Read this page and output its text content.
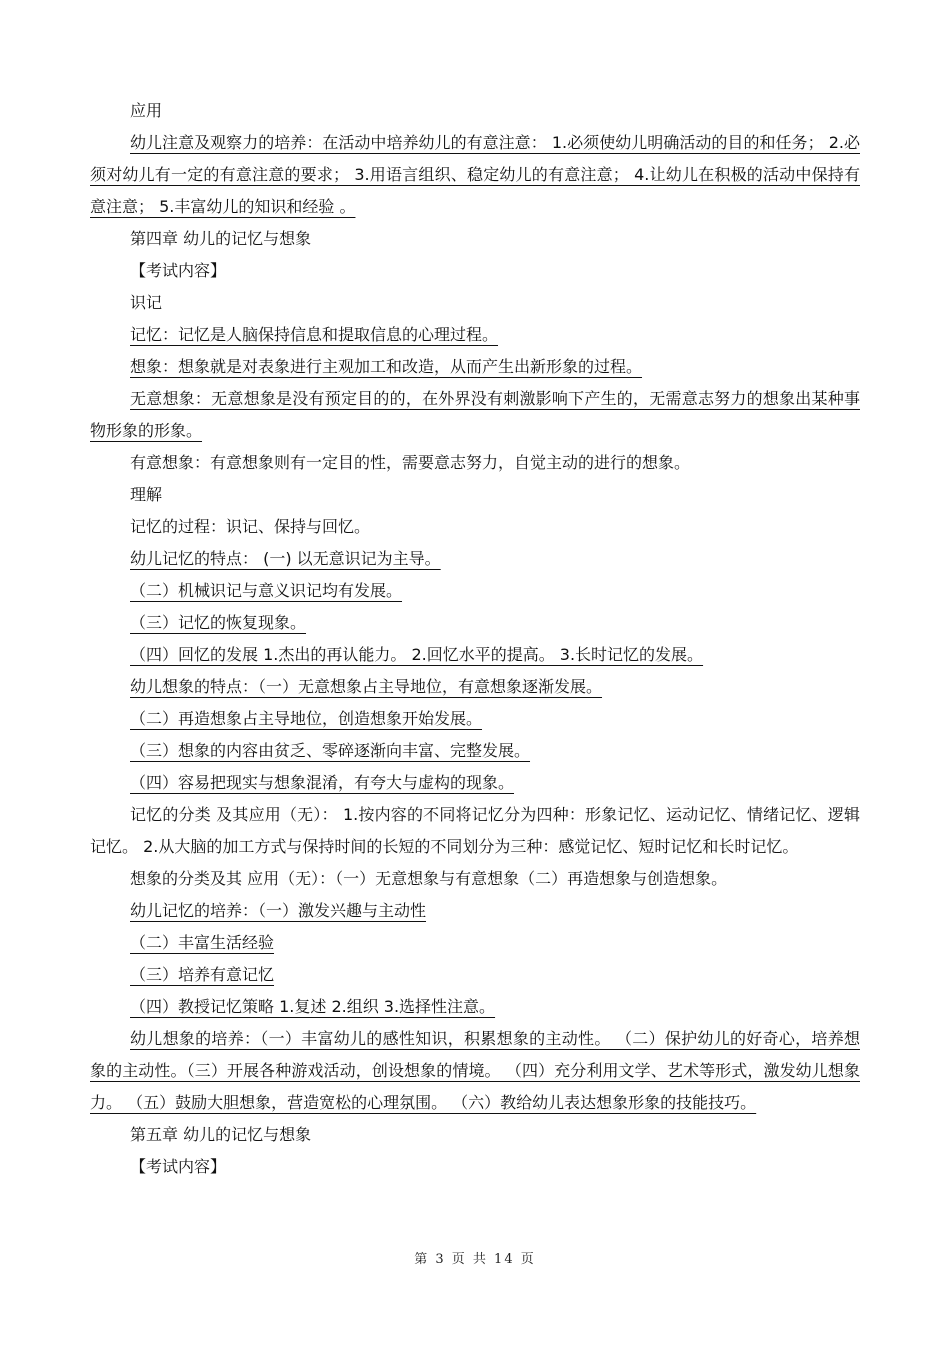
应用

幼儿注意及观察力的培养：在活动中培养幼儿的有意注意： 1.必须使幼儿明确活动的目的和任务； 2.必须对幼儿有一定的有意注意的要求； 3.用语言组织、稳定幼儿的有意注意； 4.让幼儿在积极的活动中保持有意注意； 5.丰富幼儿的知识和经验 。

第四章 幼儿的记忆与想象

【考试内容】

识记

记忆：记忆是人脑保持信息和提取信息的心理过程。

想象：想象就是对表象进行主观加工和改造，从而产生出新形象的过程。

无意想象：无意想象是没有预定目的的，在外界没有刺激影响下产生的，无需意志努力的想象出某种事物形象的形象。

有意想象：有意想象则有一定目的性，需要意志努力，自觉主动的进行的想象。

理解

记忆的过程：识记、保持与回忆。

幼儿记忆的特点： (一) 以无意识记为主导。

（二）机械识记与意义识记均有发展。

（三）记忆的恢复现象。

（四）回忆的发展 1.杰出的再认能力。 2.回忆水平的提高。 3.长时记忆的发展。

幼儿想象的特点：（一）无意想象占主导地位，有意想象逐渐发展。

（二）再造想象占主导地位，创造想象开始发展。

（三）想象的内容由贫乏、零碎逐渐向丰富、完整发展。

（四）容易把现实与想象混淆，有夸大与虚构的现象。

记忆的分类 及其应用（无）： 1.按内容的不同将记忆分为四种：形象记忆、运动记忆、情绪记忆、逻辑记忆。 2.从大脑的加工方式与保持时间的长短的不同划分为三种：感觉记忆、短时记忆和长时记忆。

想象的分类及其 应用（无）：（一）无意想象与有意想象（二）再造想象与创造想象。

幼儿记忆的培养：（一）激发兴趣与主动性

（二）丰富生活经验

（三）培养有意记忆

（四）教授记忆策略 1.复述 2.组织 3.选择性注意。

幼儿想象的培养：（一）丰富幼儿的感性知识，积累想象的主动性。 （二）保护幼儿的好奇心，培养想象的主动性。（三）开展各种游戏活动，创设想象的情境。 （四）充分利用文学、艺术等形式，激发幼儿想象力。 （五）鼓励大胆想象，营造宽松的心理氛围。 （六）教给幼儿表达想象形象的技能技巧。

第五章 幼儿的记忆与想象

【考试内容】

第 3 页 共 14 页
